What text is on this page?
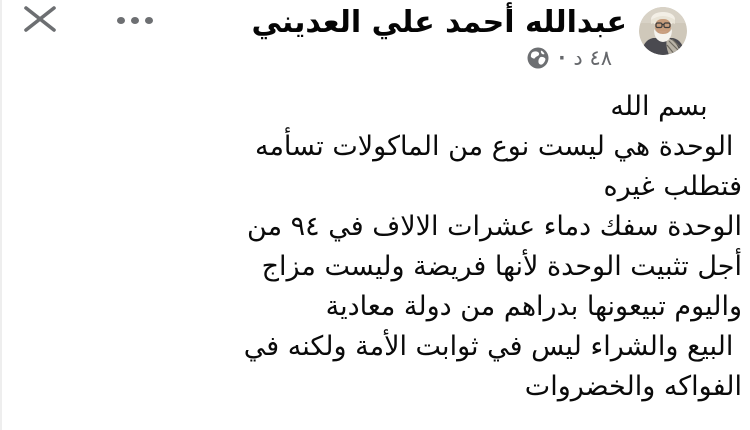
عبدالله أحمد علي العديني
٤٨ د
·
بسم الله
الوحدة هي ليست نوع من الماكولات تسأمه
فتطلب غيره
الوحدة سفك دماء عشرات الالاف في ٩٤ من
أجل تثبيت الوحدة لأنها فريضة وليست مزاج
واليوم تبيعونها بدراهم من دولة معادية
البيع والشراء ليس في ثوابت الأمة ولكنه في
الفواكه والخضروات
